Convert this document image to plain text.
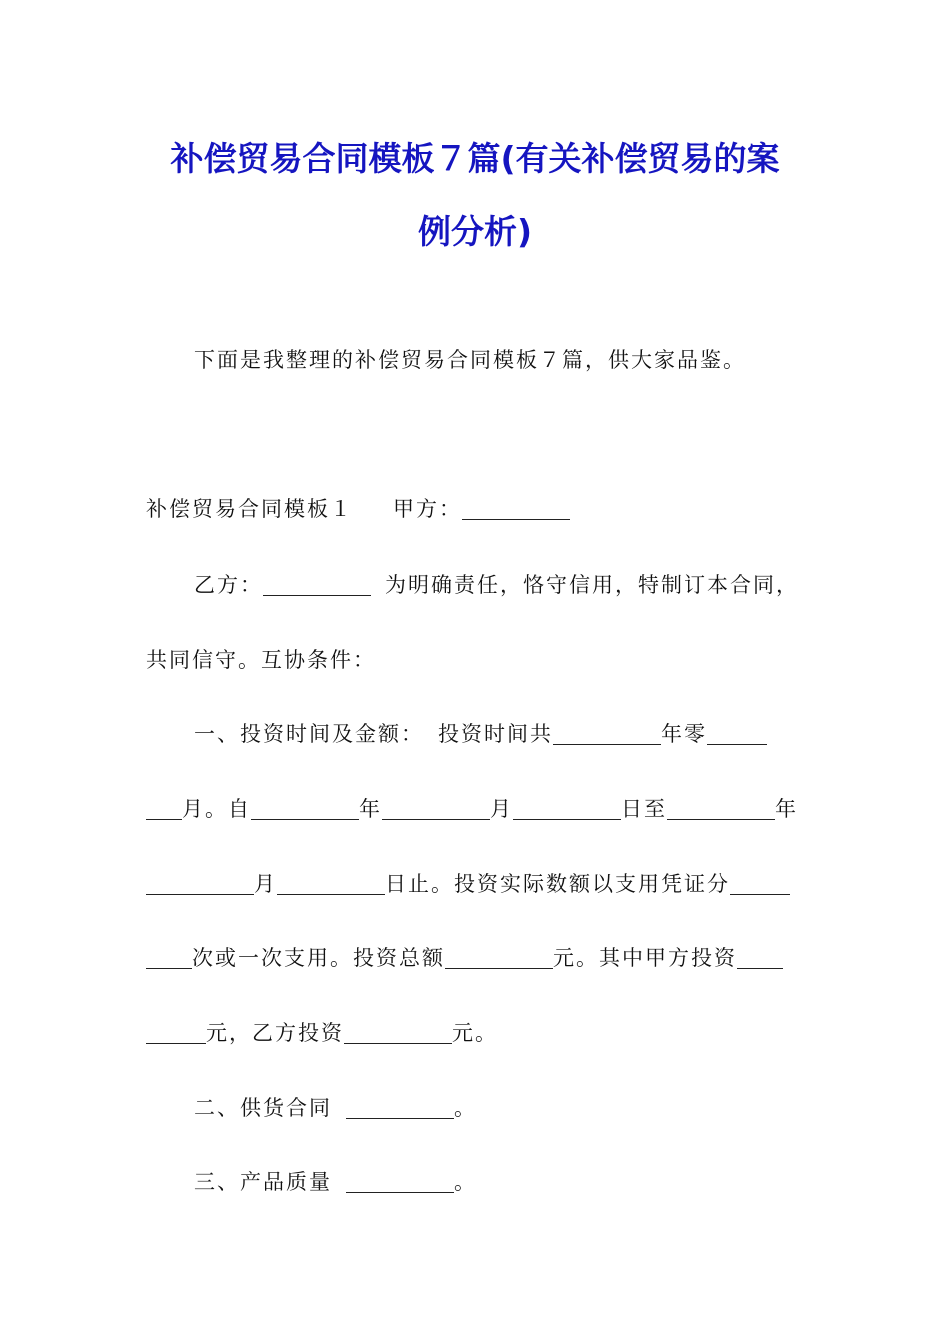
补偿贸易合同模板７篇(有关补偿贸易的案
例分析)
下面是我整理的补偿贸易合同模板７篇，供大家品鉴。
补偿贸易合同模板１ 甲方：
乙方：	为明确责任，恪守信用，特制订本合同，
共同信守。互协条件：
一、投资时间及金额： 投资时间共	年零
月。自	年	月	日至	年
月	日止。投资实际数额以支用凭证分
次或一次支用。投资总额	元。其中甲方投资
元，乙方投资	元。
二、供货合同	。
三、产品质量	。
